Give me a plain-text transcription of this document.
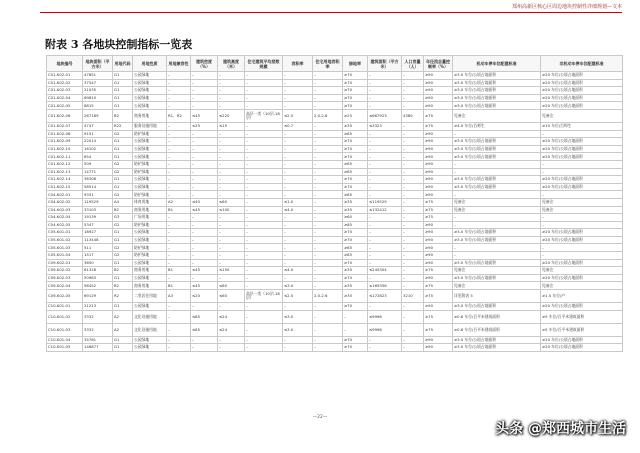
郑州高新区核心区周边地块控制性详细规划—文本
附表 3 各地块控制指标一览表
地块编号	地块面积（平方米）	用地代码	用地性质	用地兼容性	建筑密度（%）	建筑高度（米）	住宅建筑平均层数规模	容积率	住宅用地容积率	绿地率	建筑面积（平方米）	人口容量（人）	年径流总量控制率（%）	机动车停车位配建标准	非机动车停车位配建标准
C01-K02-01	47851	G1	公园绿地	–	–	–	–	–	–	≥70	–	–	≥90	≥3.0 车位/公顷占地面积	≥20 车位/公顷占地面积
C01-K02-02	37547	G1	公园绿地	–	–	–	–	–	–	≥70	–	–	≥90	≥3.0 车位/公顷占地面积	≥20 车位/公顷占地面积
C01-K02-03	21035	G1	公园绿地	–	–	–	–	–	–	≥70	–	–	≥90	≥3.0 车位/公顷占地面积	≥20 车位/公顷占地面积
C01-K02-04	69810	G1	公园绿地	–	–	–	–	–	–	≥70	–	–	≥90	≥3.0 车位/公顷占地面积	≥20 车位/公顷占地面积
C01-K02-05	8815	G1	公园绿地	–	–	–	–	–	–	≥70	–	–	≥90	≥3.0 车位/公顷占地面积	≥20 车位/公顷占地面积
C01-K02-06	267169	B2	商务用地	R1、R2	≤45	≤220	高层一类（10层-18层）	≤2.5	2.0-2.6	≥25	≤667923	4389	≥75	见备注	见备注
C01-K02-07	4747	R22	服务设施用地	–	≤25	≤15	–	≤0.7	–	≥35	≤3323	–	≥75	≥4.0 车位/百师生	≥10 车位/百师生
C01-K02-08	9151	G2	防护绿地	–	–	–	–	–	–	≥85	–	–	≥90	–	–
C01-K02-09	22014	G1	公园绿地	–	–	–	–	–	–	≥70	–	–	≥90	≥3.0 车位/公顷占地面积	≥20 车位/公顷占地面积
C01-K02-10	16102	G1	公园绿地	–	–	–	–	–	–	≥70	–	–	≥90	≥3.0 车位/公顷占地面积	≥20 车位/公顷占地面积
C01-K02-11	654	G1	公园绿地	–	–	–	–	–	–	≥70	–	–	≥90	≥3.0 车位/公顷占地面积	≥20 车位/公顷占地面积
C01-K02-12	509	G2	防护绿地	–	–	–	–	–	–	≥85	–	–	≥90	–	–
C01-K02-13	14771	G2	防护绿地	–	–	–	–	–	–	≥85	–	–	≥90	–	–
C01-K02-14	36306	G1	公园绿地	–	–	–	–	–	–	≥70	–	–	≥90	≥3.0 车位/公顷占地面积	≥20 车位/公顷占地面积
C01-K02-15	58514	G1	公园绿地	–	–	–	–	–	–	≥70	–	–	≥90	≥3.0 车位/公顷占地面积	≥20 车位/公顷占地面积
C04-K02-01	9331	G2	防护绿地	–	–	–	–	–	–	≥85	–	–	≥90	–	–
C04-K02-02	119529	A4	体育用地	A2	≤40	≤60	–	≤1.0	–	≥35	≤119529	–	≥75	见备注	见备注
C04-K02-03	33103	B2	商务用地	B1	≤45	≤100	–	≤4.0	–	≥35	≤132412	–	≥75	见备注	见备注
C04-K02-04	19139	G3	广场用地	–	–	–	–	–	–	≥60	–	–	≥75	–	–
C04-K02-05	5347	G2	防护绿地	–	–	–	–	–	–	≥85	–	–	≥90	–	–
C05-K01-01	18927	G1	公园绿地	–	–	–	–	–	–	≥70	–	–	≥90	≥3.0 车位/公顷占地面积	≥20 车位/公顷占地面积
C05-K01-02	113448	G1	公园绿地	–	–	–	–	–	–	≥70	–	–	≥90	≥3.0 车位/公顷占地面积	≥20 车位/公顷占地面积
C05-K01-03	511	G2	防护绿地	–	–	–	–	–	–	≥85	–	–	≥90	–	–
C05-K01-04	1517	G2	防护绿地	–	–	–	–	–	–	≥85	–	–	≥90	–	–
C09-K02-01	3650	G1	公园绿地	–	–	–	–	–	–	≥70	–	–	≥90	≥3.0 车位/公顷占地面积	≥20 车位/公顷占地面积
C09-K02-02	61326	B2	商务用地	B1	≤45	≤150	–	≤4.0	–	≥35	≤245304	–	≥75	见备注	见备注
C09-K02-03	50983	G1	公园绿地	–	–	–	–	–	–	≥70	–	–	≥90	≥3.0 车位/公顷占地面积	≥20 车位/公顷占地面积
C09-K02-04	56452	B2	商务用地	B1	≤45	≤80	–	≤3.0	–	≥35	≤169356	–	≥75	见备注	见备注
C09-K02-05	69129	R2	二类居住用地	A3	≤20	≤60	高层一类（10层-18层）	≤2.5	2.0-2.6	≥35	≤172823	3210	≥75	详见附表 5	≥1.5 车位/户
C10-K01-01	21213	G1	公园绿地	–	–	–	–	–	–	≥70	–	–	≥90	≥3.0 车位/公顷占地面积	≥20 车位/公顷占地面积
C10-K01-02	3332	A2	文化设施用地	–	≤85	≤24	–	≤3.0	–	–	≤9996	–	≥75	≥0.8 车位/百平米建筑面积	≥5 车位/百平米建筑面积
C10-K01-03	3332	A2	文化设施用地	–	≤85	≤24	–	≤3.0	–	–	≤9996	–	≥75	≥0.8 车位/百平米建筑面积	≥5 车位/百平米建筑面积
C10-K01-04	35761	G1	公园绿地	–	–	–	–	–	–	≥70	–	–	≥90	≥3.0 车位/公顷占地面积	≥20 车位/公顷占地面积
C10-K01-05	146877	G1	公园绿地	–	–	–	–	–	–	≥70	–	–	≥90	≥3.0 车位/公顷占地面积	≥20 车位/公顷占地面积
—22—
头条 @郑西城市生活
